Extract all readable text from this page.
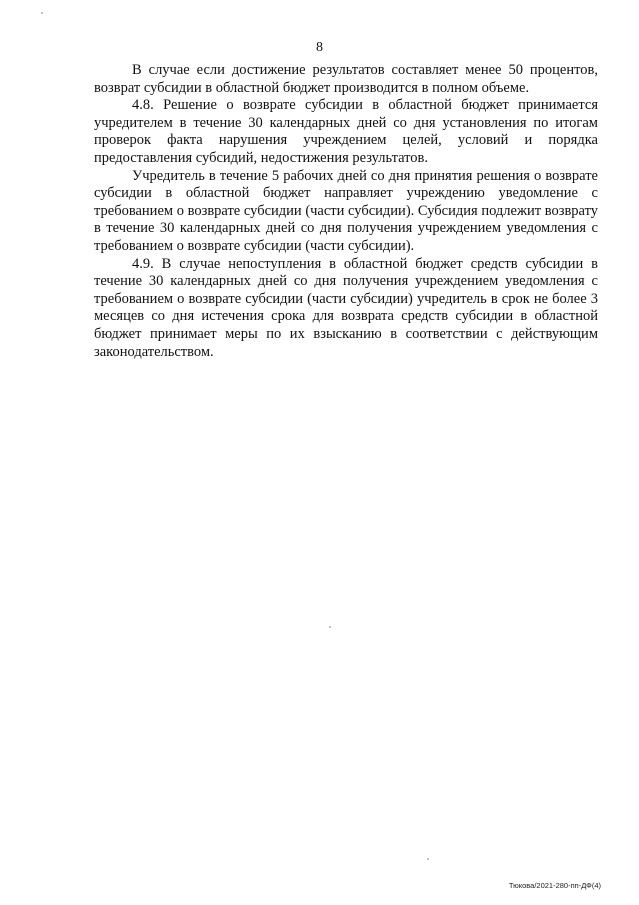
8

В случае если достижение результатов составляет менее 50 процентов, возврат субсидии в областной бюджет производится в полном объеме.

4.8. Решение о возврате субсидии в областной бюджет принимается учредителем в течение 30 календарных дней со дня установления по итогам проверок факта нарушения учреждением целей, условий и порядка предоставления субсидий, недостижения результатов.

Учредитель в течение 5 рабочих дней со дня принятия решения о возврате субсидии в областной бюджет направляет учреждению уведомление с требованием о возврате субсидии (части субсидии). Субсидия подлежит возврату в течение 30 календарных дней со дня получения учреждением уведомления с требованием о возврате субсидии (части субсидии).

4.9. В случае непоступления в областной бюджет средств субсидии в течение 30 календарных дней со дня получения учреждением уведомления с требованием о возврате субсидии (части субсидии) учредитель в срок не более 3 месяцев со дня истечения срока для возврата средств субсидии в областной бюджет принимает меры по их взысканию в соответствии с действующим законодательством.

Тюкова/2021-280-пп-ДФ(4)
